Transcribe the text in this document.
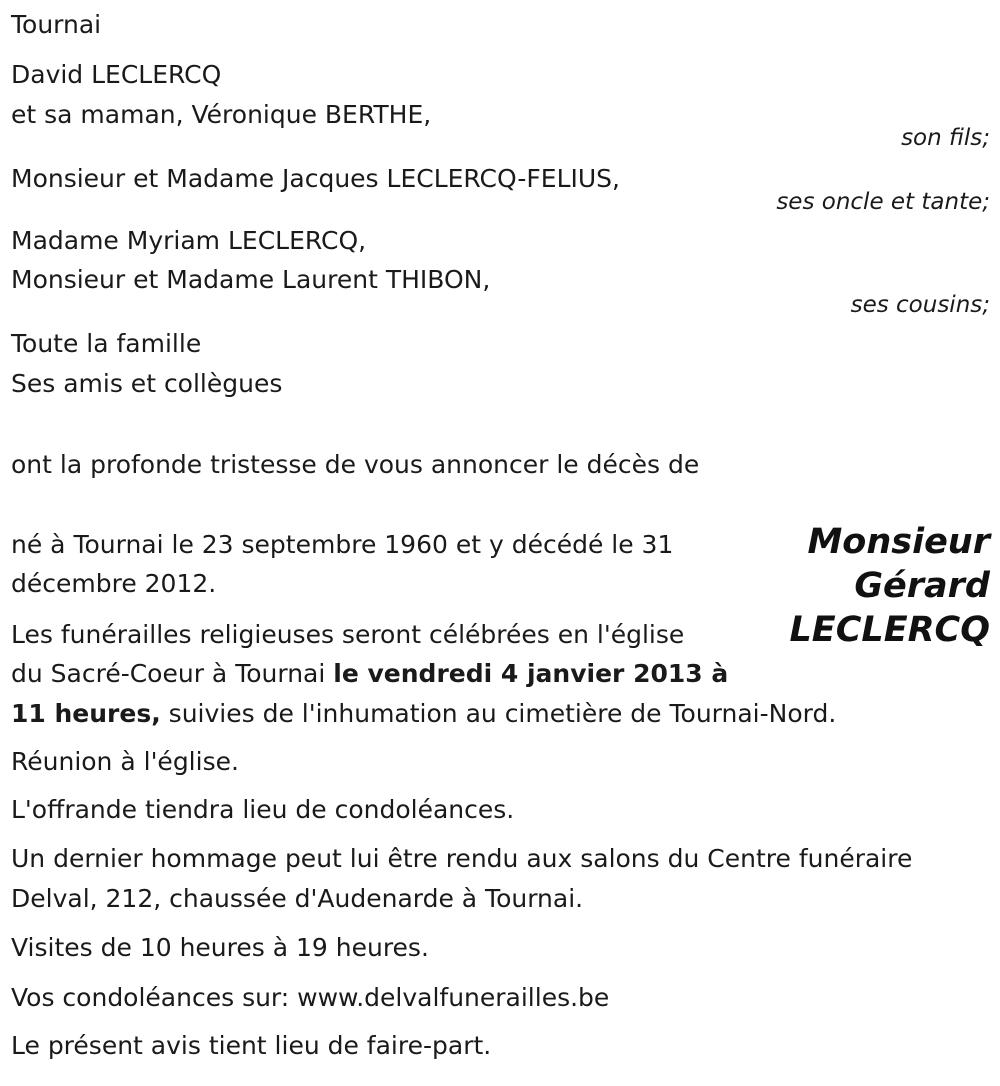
Tournai
David LECLERCQ
et sa maman, Véronique BERTHE,
son fils;
Monsieur et Madame Jacques LECLERCQ-FELIUS,
ses oncle et tante;
Madame Myriam LECLERCQ,
Monsieur et Madame Laurent THIBON,
ses cousins;
Toute la famille
Ses amis et collègues
ont la profonde tristesse de vous annoncer le décès de
Monsieur
Gérard
LECLERCQ
né à Tournai le 23 septembre 1960 et y décédé le 31
décembre 2012.
Les funérailles religieuses seront célébrées en l'église
du Sacré-Coeur à Tournai le vendredi 4 janvier 2013 à
11 heures, suivies de l'inhumation au cimetière de Tournai-Nord.
Réunion à l'église.
L'offrande tiendra lieu de condoléances.
Un dernier hommage peut lui être rendu aux salons du Centre funéraire
Delval, 212, chaussée d'Audenarde à Tournai.
Visites de 10 heures à 19 heures.
Vos condoléances sur: www.delvalfunerailles.be
Le présent avis tient lieu de faire-part.
